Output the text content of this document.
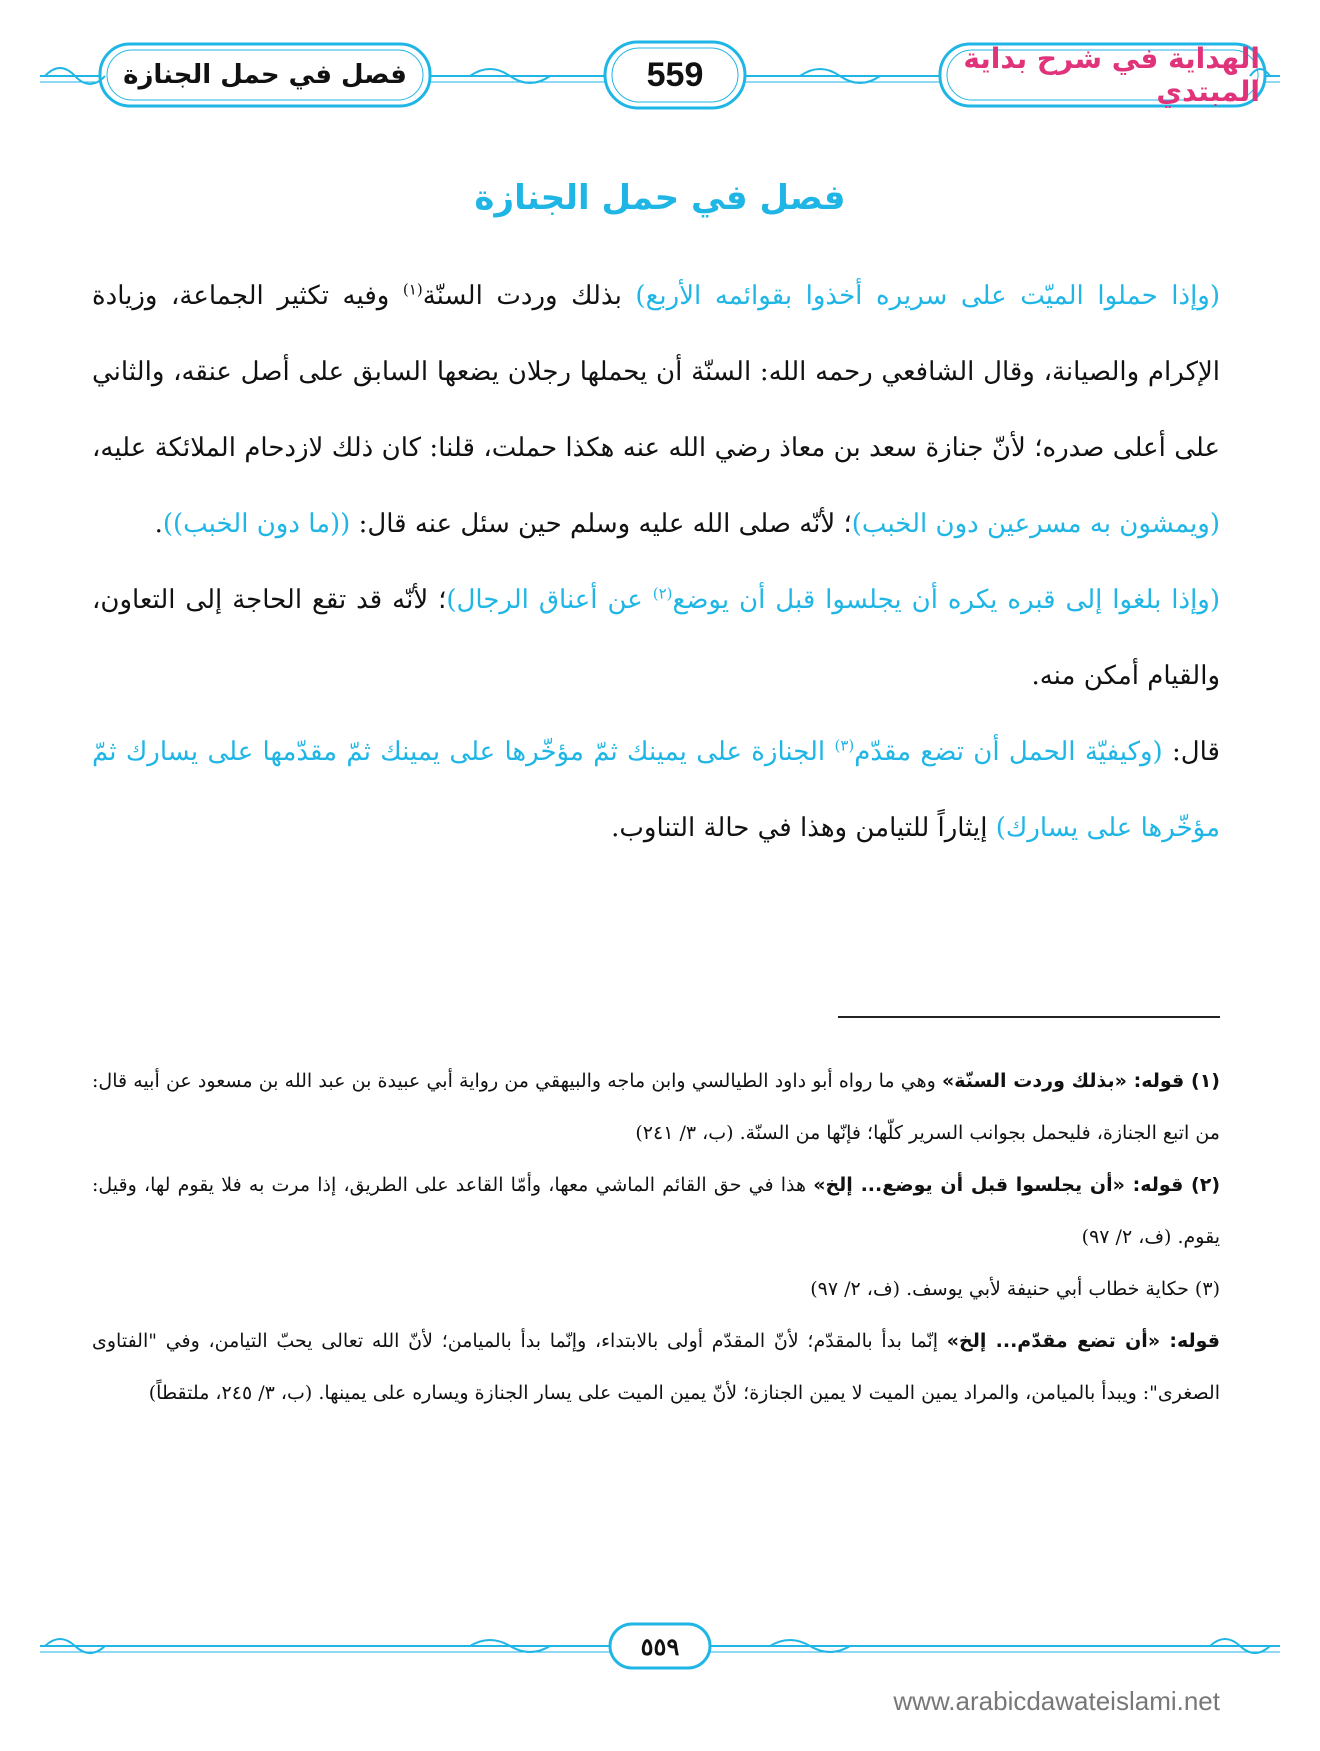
الهداية في شرح بداية المبتدي
559
فصل في حمل الجنازة
فصل في حمل الجنازة

(وإذا حملوا الميّت على سريره أخذوا بقوائمه الأربع) بذلك وردت السنّة$^{(١)}$ وفيه تكثير الجماعة، وزيادة الإكرام والصيانة، وقال الشافعي رحمه الله: السنّة أن يحملها رجلان يضعها السابق على أصل عنقه، والثاني على أعلى صدره؛ لأنّ جنازة سعد بن معاذ رضي الله عنه هكذا حملت، قلنا: كان ذلك لازدحام الملائكة عليه، (ويمشون به مسرعين دون الخبب)؛ لأنّه صلى الله عليه وسلم حين سئل عنه قال: ((ما دون الخبب)).

(وإذا بلغوا إلى قبره يكره أن يجلسوا قبل أن يوضع$^{(٢)}$ عن أعناق الرجال)؛ لأنّه قد تقع الحاجة إلى التعاون، والقيام أمكن منه.

قال: (وكيفيّة الحمل أن تضع مقدّم$^{(٣)}$ الجنازة على يمينك ثمّ مؤخّرها على يمينك ثمّ مقدّمها على يسارك ثمّ مؤخّرها على يسارك) إيثاراً للتيامن وهذا في حالة التناوب.

(١) قوله: «بذلك وردت السنّة» وهي ما رواه أبو داود الطيالسي وابن ماجه والبيهقي من رواية أبي عبيدة بن عبد الله بن مسعود عن أبيه قال: من اتبع الجنازة، فليحمل بجوانب السرير كلّها؛ فإنّها من السنّة. (ب، ٣/ ٢٤١)

(٢) قوله: «أن يجلسوا قبل أن يوضع... إلخ» هذا في حق القائم الماشي معها، وأمّا القاعد على الطريق، إذا مرت به فلا يقوم لها، وقيل: يقوم. (ف، ٢/ ٩٧)

(٣) حكاية خطاب أبي حنيفة لأبي يوسف. (ف، ٢/ ٩٧)

قوله: «أن تضع مقدّم... إلخ» إنّما بدأ بالمقدّم؛ لأنّ المقدّم أولى بالابتداء، وإنّما بدأ بالميامن؛ لأنّ الله تعالى يحبّ التيامن، وفي "الفتاوى الصغرى": ويبدأ بالميامن، والمراد يمين الميت لا يمين الجنازة؛ لأنّ يمين الميت على يسار الجنازة ويساره على يمينها. (ب، ٣/ ٢٤٥، ملتقطاً)

٥٥٩
www.arabicdawateislami.net
